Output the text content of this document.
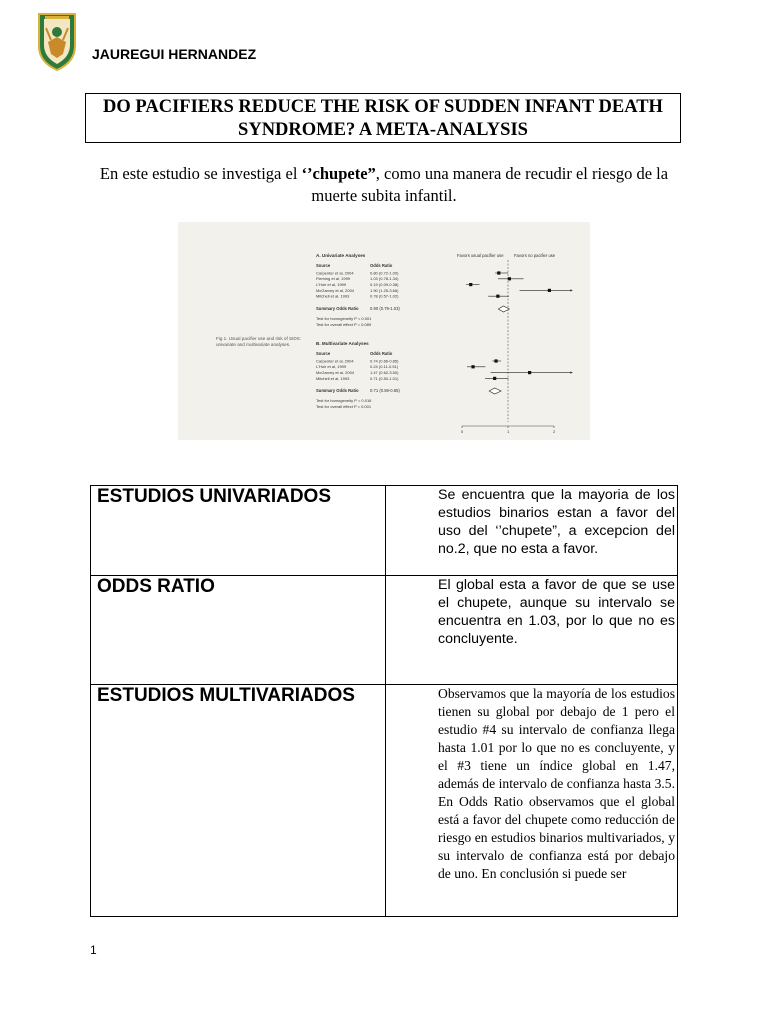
JAUREGUI HERNANDEZ
DO PACIFIERS REDUCE THE RISK OF SUDDEN INFANT DEATH SYNDROME? A META-ANALYSIS
En este estudio se investiga el ‘’chupete”, como una manera de recudir el riesgo de la muerte subita infantil.
Fig 1. Usual pacifier use and risk of SIDS: univariate and multivariate analyses.
Favors usual pacifier use Favors no pacifier use
A. Univariate Analyses
Source	Odds Ratio
Carpenter et al, 2004	0.80 (0.72-1.00)
Fleming et al, 1999	1.03 (0.78-1.34)
L'Hoir et al, 1999	0.19 (0.09-0.38)
McGarvey et al, 2004	1.90 (1.25-3.66)
Mitchell et al, 1993	0.78 (0.57-1.02)
Summary Odds Ratio	0.90 (0.79-1.03)
Test for homogeneity P < 0.001
Test for overall effect P = 0.089
B. Multivariate Analyses
Source	Odds Ratio
Carpenter et al, 2004	0.74 (0.66-0.85)
L'Hoir et al, 1999	0.24 (0.11-0.51)
McGarvey et al, 2004	1.47 (0.62-3.50)
Mitchell et al, 1993	0.71 (0.50-1.01)
Summary Odds Ratio	0.71 (0.59-0.85)
Test for homogeneity P = 0.016
Test for overall effect P < 0.001
0	1	2
ESTUDIOS UNIVARIADOS	Se encuentra que la mayoria de los estudios binarios estan a favor del uso del ‘’chupete”, a excepcion del no.2, que no esta a favor.

ODDS RATIO	El global esta a favor de que se use el chupete, aunque su intervalo se encuentra en 1.03, por lo que no es concluyente.

ESTUDIOS MULTIVARIADOS	Observamos que la mayoría de los estudios tienen su global por debajo de 1 pero el estudio #4 su intervalo de confianza llega hasta 1.01 por lo que no es concluyente, y el #3 tiene un índice global en 1.47, además de intervalo de confianza hasta 3.5. En Odds Ratio observamos que el global está a favor del chupete como reducción de riesgo en estudios binarios multivariados, y su intervalo de confianza está por debajo de uno. En conclusión si puede ser
1
